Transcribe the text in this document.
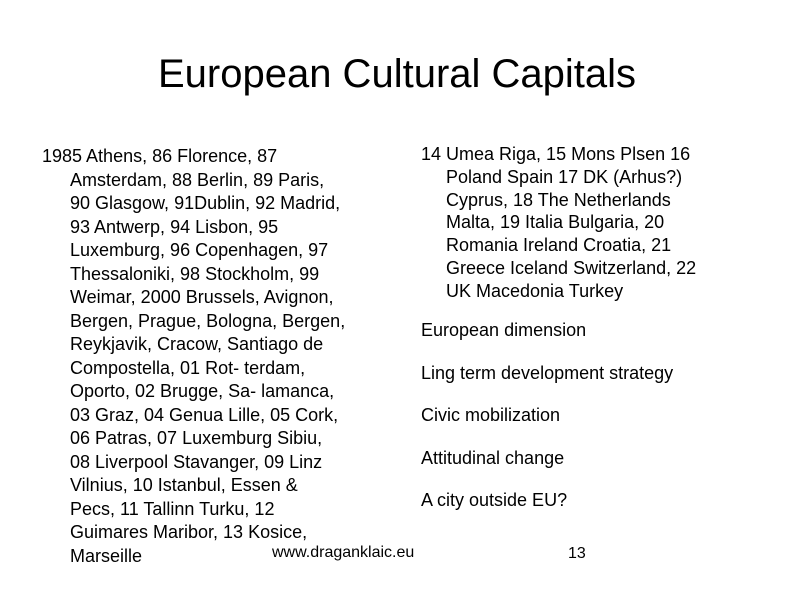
European Cultural Capitals
1985 Athens, 86 Florence, 87
Amsterdam, 88 Berlin, 89 Paris,
90 Glasgow, 91Dublin, 92 Madrid,
93 Antwerp, 94 Lisbon, 95
Luxemburg, 96 Copenhagen, 97
Thessaloniki, 98 Stockholm, 99
Weimar, 2000 Brussels, Avignon,
Bergen, Prague, Bologna, Bergen,
Reykjavik, Cracow, Santiago de
Compostella, 01 Rot- terdam,
Oporto, 02 Brugge, Sa- lamanca,
03 Graz, 04 Genua Lille, 05 Cork,
06 Patras, 07 Luxemburg Sibiu,
08 Liverpool Stavanger, 09 Linz
Vilnius, 10 Istanbul, Essen &
Pecs, 11 Tallinn Turku, 12
Guimares Maribor, 13 Kosice,
Marseille
14 Umea Riga, 15 Mons Plsen 16
Poland Spain 17 DK (Arhus?)
Cyprus, 18 The Netherlands
Malta, 19 Italia Bulgaria, 20
Romania Ireland Croatia, 21
Greece Iceland Switzerland, 22
UK Macedonia Turkey
European dimension
Ling term development strategy
Civic mobilization
Attitudinal change
A city outside EU?
www.draganklaic.eu	13
